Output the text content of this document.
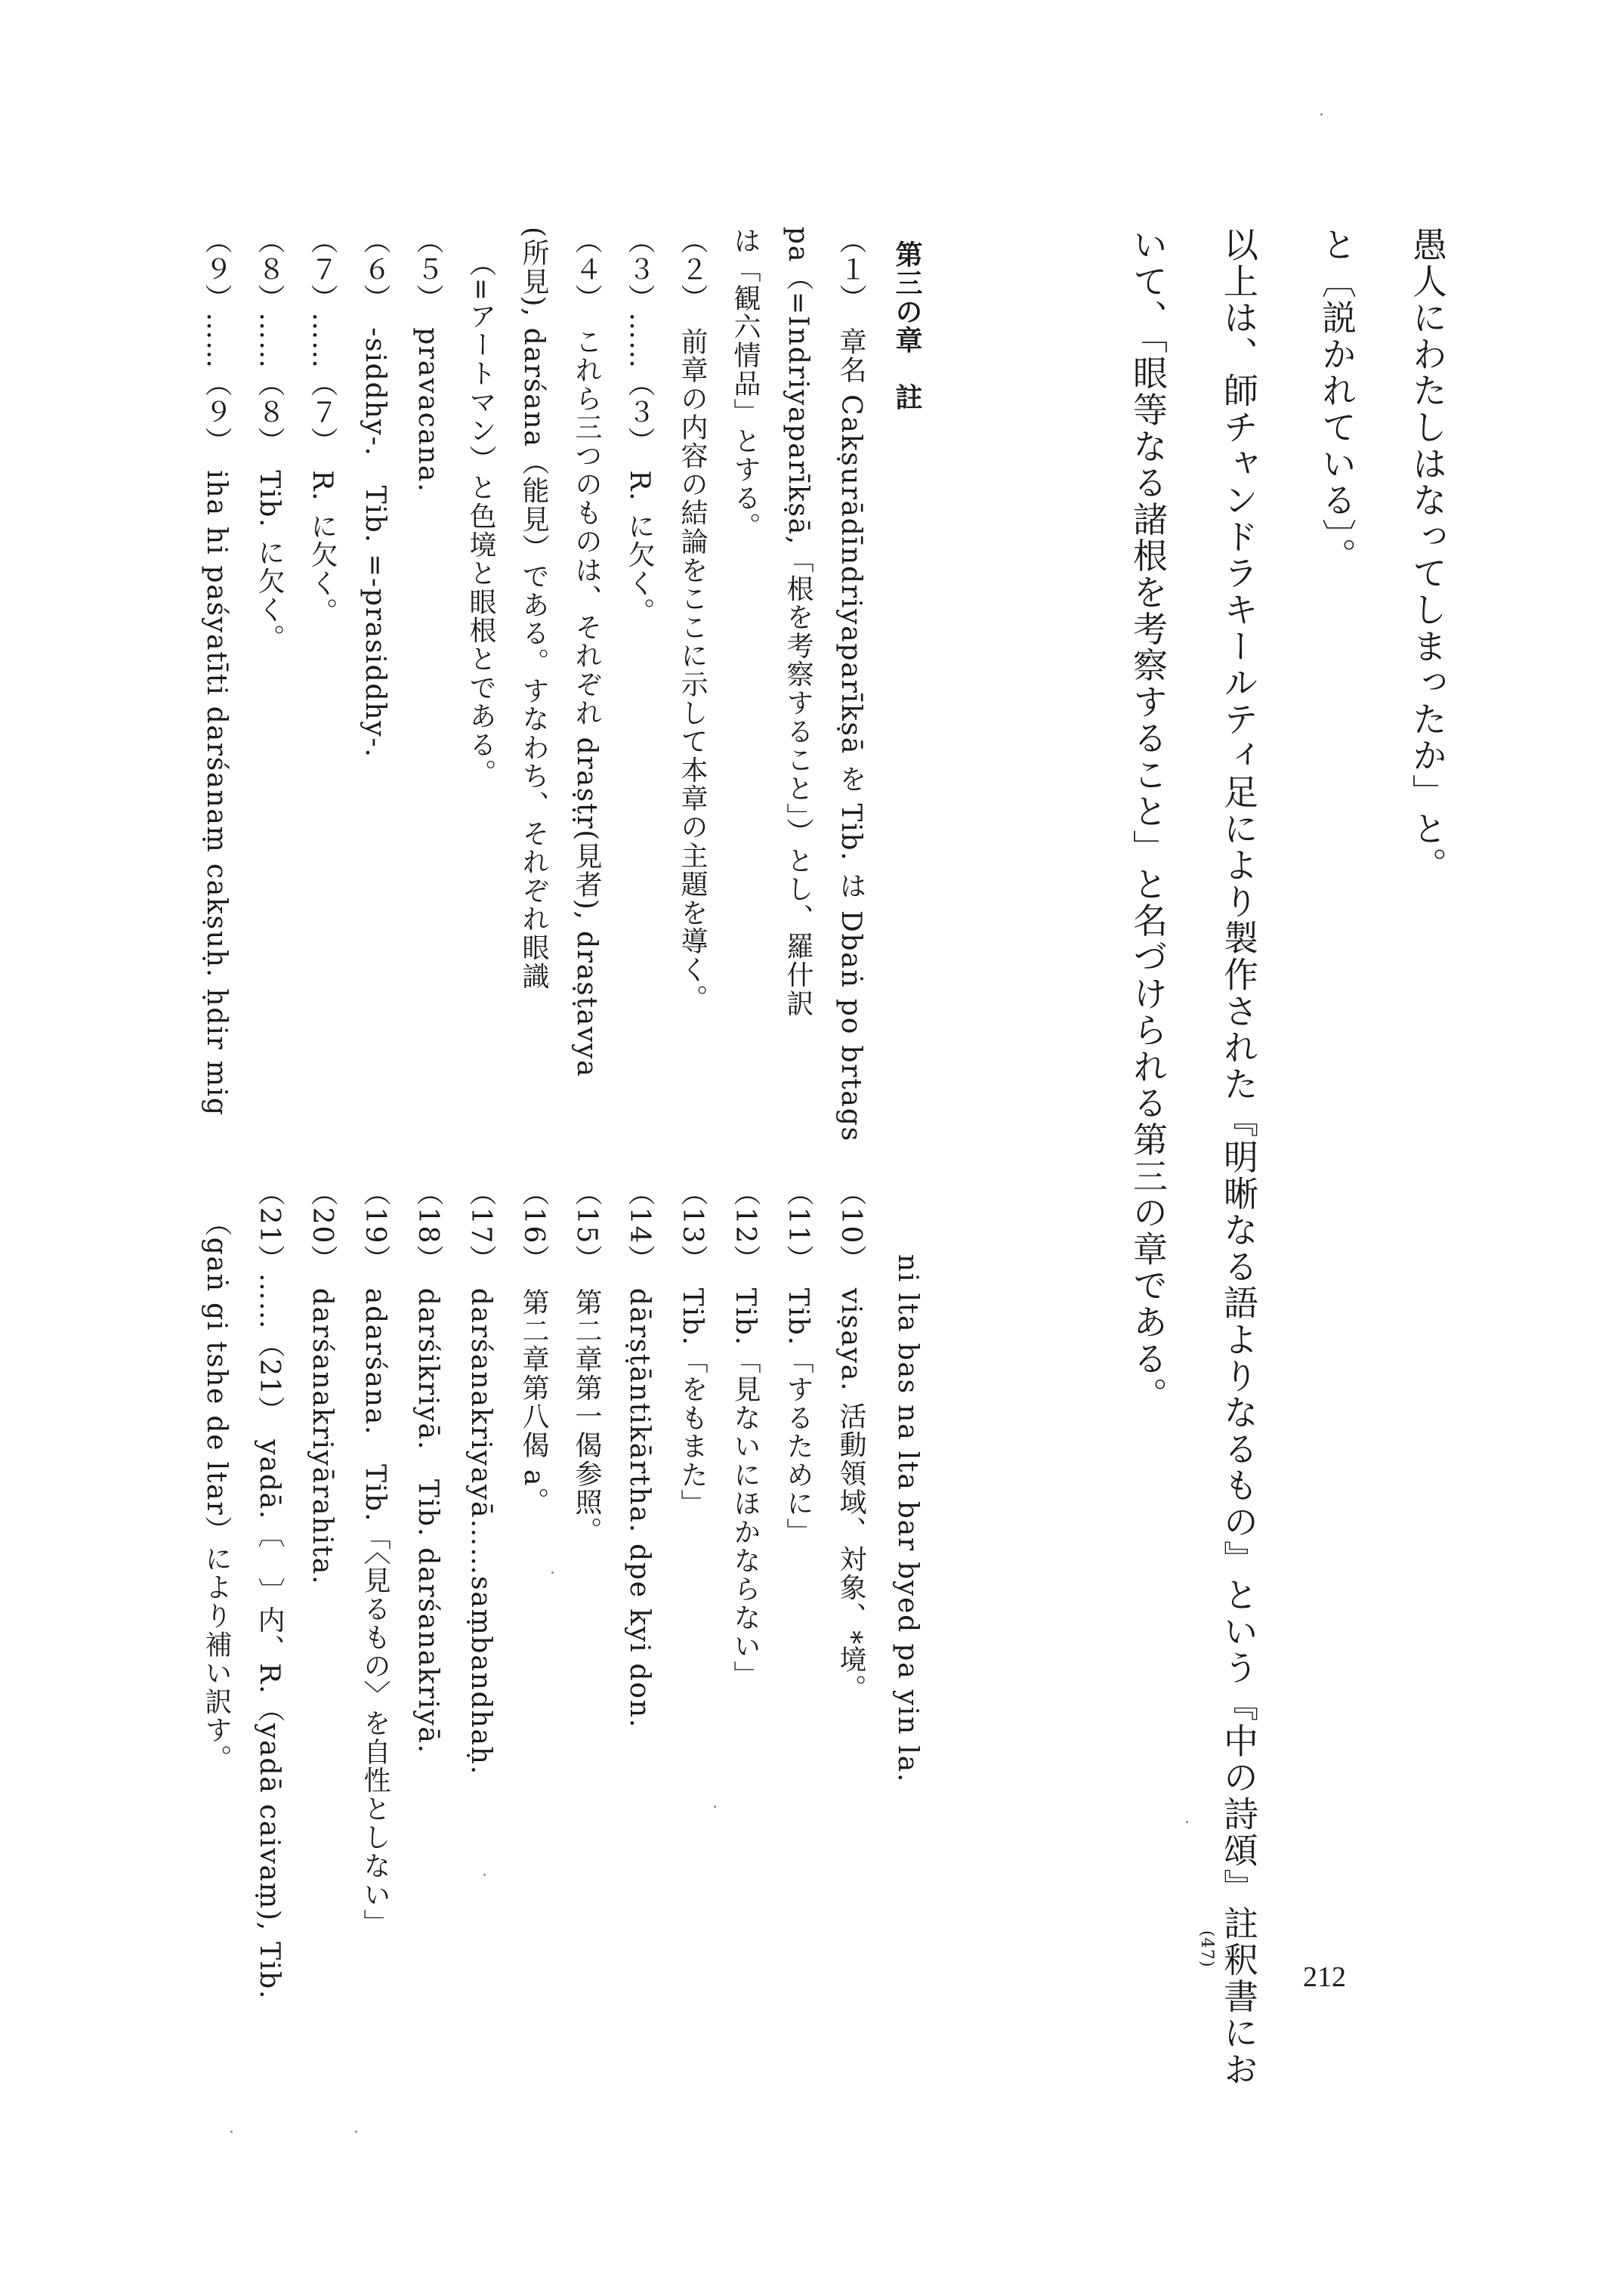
212
愚人にわたしはなってしまったか」と。
と〔説かれている〕。
以上は、師チャンドラキールティ足により製作された『明晰なる語よりなるもの』という『中の詩頌』註釈書にお
いて、「眼等なる諸根を考察すること」と名づけられる第三の章である。
(47)
第三の章　註
（１）　章名 Cakṣurādīndriyaparīkṣā を Tib. は Dbaṅ po brtags
pa（=Indriyaparīkṣā,「根を考察すること」）とし、羅什訳
は「観六情品」とする。
（２）　前章の内容の結論をここに示して本章の主題を導く。
（３）……（３）　R. に欠く。
（４）　これら三つのものは、それぞれ draṣṭṛ(見者), draṣṭavya
(所見), darśana（能見）である。すなわち、それぞれ眼識
（=アートマン）と色境と眼根とである。
（５）　pravacana.
（６）　-siddhy-.　Tib. =-prasiddhy-.
（７）……（７）　R. に欠く。
（８）……（８）　Tib. に欠く。
（９）……（９）　iha hi paśyatīti darśanaṃ cakṣuḥ. ḥdir mig
ni lta bas na lta bar byed pa yin la.
（10）　viṣaya. 活動領域、対象、*境。
（11）　Tib.「するために」
（12）　Tib.「見ないにほかならない」
（13）　Tib.「をもまた」
（14）　dārṣṭāntikārtha. dpe kyi don.
（15）　第二章第一偈参照。
（16）　第二章第八偈 a。
（17）　darśanakriyayā……saṃbandhaḥ.
（18）　darśikriyā.　Tib. darśanakriyā.
（19）　adarśana.　Tib.「〈見るもの〉を自性としない」
（20）　darśanakriyārahita.
（21）……（21）　yadā.〔　〕内、R.（yadā caivaṃ), Tib.
（gaṅ gi tshe de ltar）により補い訳す。
